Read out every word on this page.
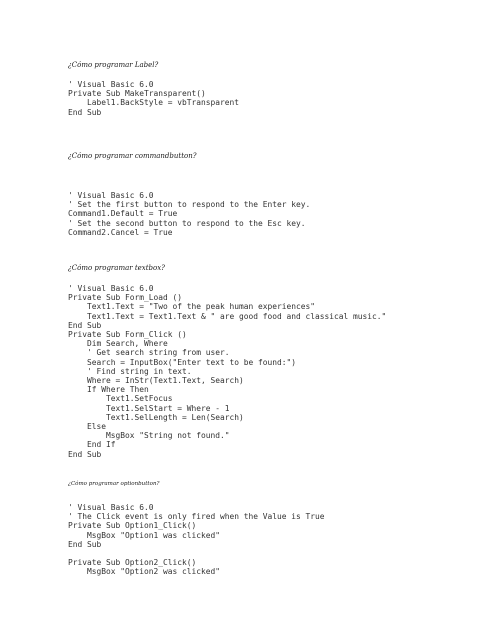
¿Cómo programar Label?

' Visual Basic 6.0
Private Sub MakeTransparent()
Label1.BackStyle = vbTransparent
End Sub

¿Cómo programar commandbutton?

' Visual Basic 6.0
' Set the first button to respond to the Enter key.
Command1.Default = True
' Set the second button to respond to the Esc key.
Command2.Cancel = True

¿Cómo programar textbox?

' Visual Basic 6.0
Private Sub Form_Load ()
Text1.Text = "Two of the peak human experiences"
Text1.Text = Text1.Text & " are good food and classical music."
End Sub
Private Sub Form_Click ()
Dim Search, Where
' Get search string from user.
Search = InputBox("Enter text to be found:")
' Find string in text.
Where = InStr(Text1.Text, Search)
If Where Then
Text1.SetFocus
Text1.SelStart = Where - 1
Text1.SelLength = Len(Search)
Else
MsgBox "String not found."
End If
End Sub

¿Cómo programar optionbutton?

' Visual Basic 6.0
' The Click event is only fired when the Value is True
Private Sub Option1_Click()
MsgBox "Option1 was clicked"
End Sub

Private Sub Option2_Click()
MsgBox "Option2 was clicked"
